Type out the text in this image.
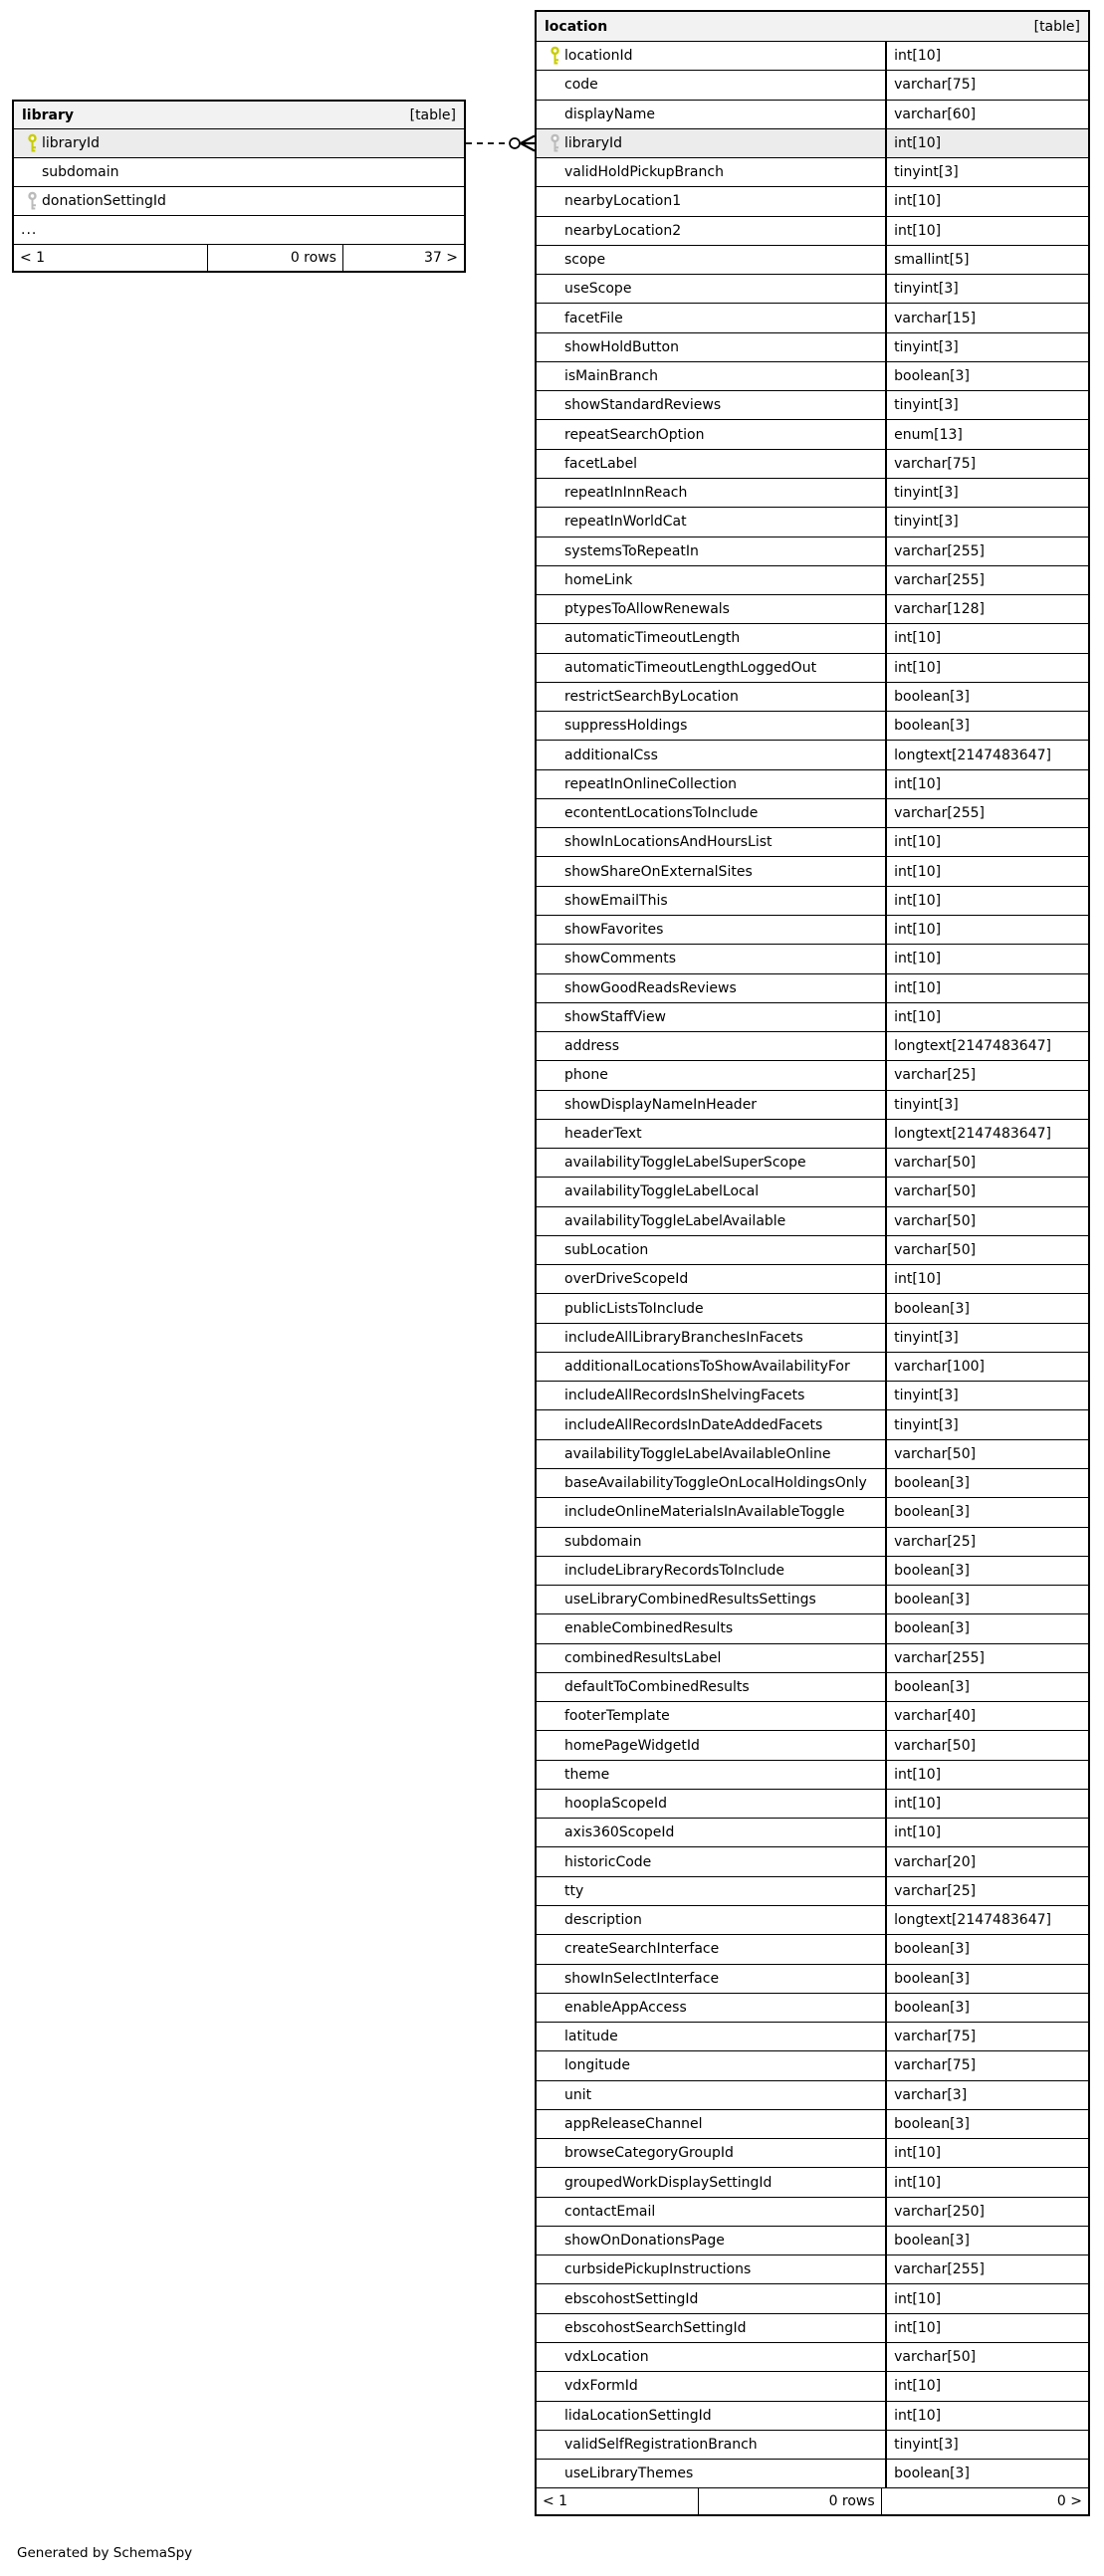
library	[table]
libraryId
subdomain
donationSettingId
...
< 1	0 rows	37 >
location	[table]
locationId	int[10]
code	varchar[75]
displayName	varchar[60]
libraryId	int[10]
validHoldPickupBranch	tinyint[3]
nearbyLocation1	int[10]
nearbyLocation2	int[10]
scope	smallint[5]
useScope	tinyint[3]
facetFile	varchar[15]
showHoldButton	tinyint[3]
isMainBranch	boolean[3]
showStandardReviews	tinyint[3]
repeatSearchOption	enum[13]
facetLabel	varchar[75]
repeatInInnReach	tinyint[3]
repeatInWorldCat	tinyint[3]
systemsToRepeatIn	varchar[255]
homeLink	varchar[255]
ptypesToAllowRenewals	varchar[128]
automaticTimeoutLength	int[10]
automaticTimeoutLengthLoggedOut	int[10]
restrictSearchByLocation	boolean[3]
suppressHoldings	boolean[3]
additionalCss	longtext[2147483647]
repeatInOnlineCollection	int[10]
econtentLocationsToInclude	varchar[255]
showInLocationsAndHoursList	int[10]
showShareOnExternalSites	int[10]
showEmailThis	int[10]
showFavorites	int[10]
showComments	int[10]
showGoodReadsReviews	int[10]
showStaffView	int[10]
address	longtext[2147483647]
phone	varchar[25]
showDisplayNameInHeader	tinyint[3]
headerText	longtext[2147483647]
availabilityToggleLabelSuperScope	varchar[50]
availabilityToggleLabelLocal	varchar[50]
availabilityToggleLabelAvailable	varchar[50]
subLocation	varchar[50]
overDriveScopeId	int[10]
publicListsToInclude	boolean[3]
includeAllLibraryBranchesInFacets	tinyint[3]
additionalLocationsToShowAvailabilityFor	varchar[100]
includeAllRecordsInShelvingFacets	tinyint[3]
includeAllRecordsInDateAddedFacets	tinyint[3]
availabilityToggleLabelAvailableOnline	varchar[50]
baseAvailabilityToggleOnLocalHoldingsOnly	boolean[3]
includeOnlineMaterialsInAvailableToggle	boolean[3]
subdomain	varchar[25]
includeLibraryRecordsToInclude	boolean[3]
useLibraryCombinedResultsSettings	boolean[3]
enableCombinedResults	boolean[3]
combinedResultsLabel	varchar[255]
defaultToCombinedResults	boolean[3]
footerTemplate	varchar[40]
homePageWidgetId	varchar[50]
theme	int[10]
hooplaScopeId	int[10]
axis360ScopeId	int[10]
historicCode	varchar[20]
tty	varchar[25]
description	longtext[2147483647]
createSearchInterface	boolean[3]
showInSelectInterface	boolean[3]
enableAppAccess	boolean[3]
latitude	varchar[75]
longitude	varchar[75]
unit	varchar[3]
appReleaseChannel	boolean[3]
browseCategoryGroupId	int[10]
groupedWorkDisplaySettingId	int[10]
contactEmail	varchar[250]
showOnDonationsPage	boolean[3]
curbsidePickupInstructions	varchar[255]
ebscohostSettingId	int[10]
ebscohostSearchSettingId	int[10]
vdxLocation	varchar[50]
vdxFormId	int[10]
lidaLocationSettingId	int[10]
validSelfRegistrationBranch	tinyint[3]
useLibraryThemes	boolean[3]
< 1	0 rows	0 >
Generated by SchemaSpy
